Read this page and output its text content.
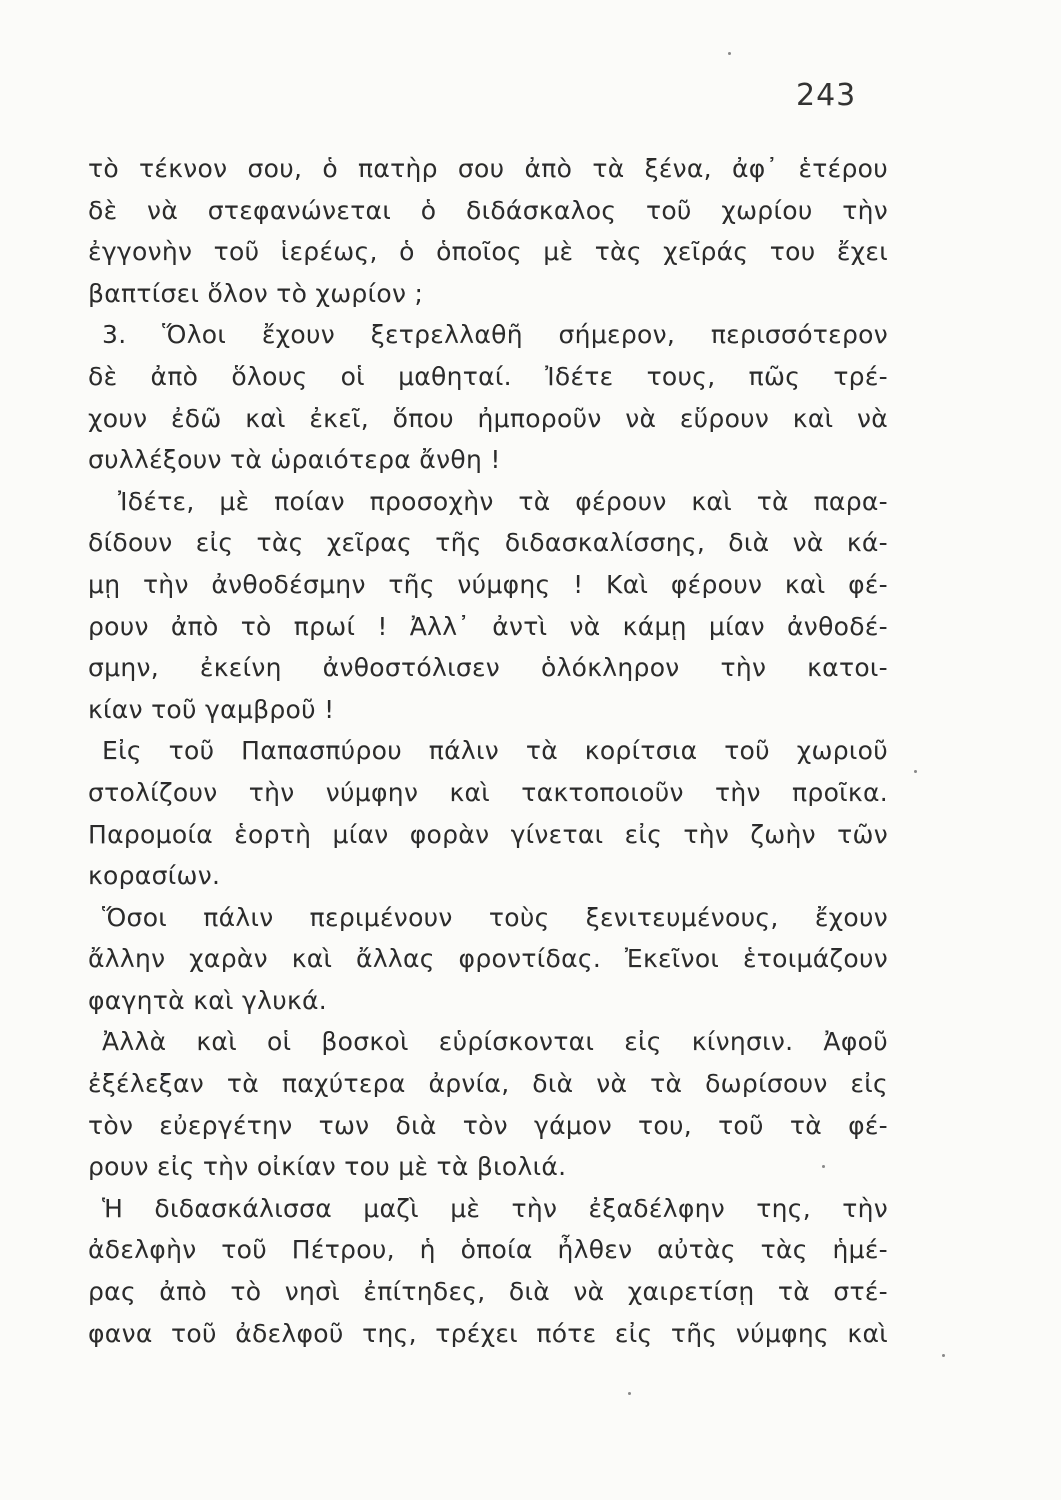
243
τὸ τέκνον σου, ὁ πατὴρ σου ἀπὸ τὰ ξένα, ἀφ᾿ ἑτέρου
δὲ νὰ στεφανώνεται ὁ διδάσκαλος τοῦ χωρίου τὴν
ἐγγονὴν τοῦ ἱερέως, ὁ ὁποῖος μὲ τὰς χεῖράς του ἔχει
βαπτίσει ὅλον τὸ χωρίον ;
3. Ὅλοι ἔχουν ξετρελλαθῆ σήμερον, περισσότερον
δὲ ἀπὸ ὅλους οἱ μαθηταί. Ἰδέτε τους, πῶς τρέ-
χουν ἐδῶ καὶ ἐκεῖ, ὅπου ἠμποροῦν νὰ εὕρουν καὶ νὰ
συλλέξουν τὰ ὡραιότερα ἄνθη !
Ἰδέτε, μὲ ποίαν προσοχὴν τὰ φέρουν καὶ τὰ παρα-
δίδουν εἰς τὰς χεῖρας τῆς διδασκαλίσσης, διὰ νὰ κά-
μῃ τὴν ἀνθοδέσμην τῆς νύμφης ! Καὶ φέρουν καὶ φέ-
ρουν ἀπὸ τὸ πρωί ! Ἀλλ᾿ ἀντὶ νὰ κάμῃ μίαν ἀνθοδέ-
σμην, ἐκείνη ἀνθοστόλισεν ὁλόκληρον τὴν κατοι-
κίαν τοῦ γαμβροῦ !
Εἰς τοῦ Παπασπύρου πάλιν τὰ κορίτσια τοῦ χωριοῦ
στολίζουν τὴν νύμφην καὶ τακτοποιοῦν τὴν προῖκα.
Παρομοία ἑορτὴ μίαν φορὰν γίνεται εἰς τὴν ζωὴν τῶν
κορασίων.
Ὅσοι πάλιν περιμένουν τοὺς ξενιτευμένους, ἔχουν
ἄλλην χαρὰν καὶ ἄλλας φροντίδας. Ἐκεῖνοι ἑτοιμάζουν
φαγητὰ καὶ γλυκά.
Ἀλλὰ καὶ οἱ βοσκοὶ εὑρίσκονται εἰς κίνησιν. Ἀφοῦ
ἐξέλεξαν τὰ παχύτερα ἀρνία, διὰ νὰ τὰ δωρίσουν εἰς
τὸν εὐεργέτην των διὰ τὸν γάμον του, τοῦ τὰ φέ-
ρουν εἰς τὴν οἰκίαν του μὲ τὰ βιολιά.
Ἡ διδασκάλισσα μαζὶ μὲ τὴν ἐξαδέλφην της, τὴν
ἀδελφὴν τοῦ Πέτρου, ἡ ὁποία ἦλθεν αὐτὰς τὰς ἡμέ-
ρας ἀπὸ τὸ νησὶ ἐπίτηδες, διὰ νὰ χαιρετίσῃ τὰ στέ-
φανα τοῦ ἀδελφοῦ της, τρέχει πότε εἰς τῆς νύμφης καὶ
